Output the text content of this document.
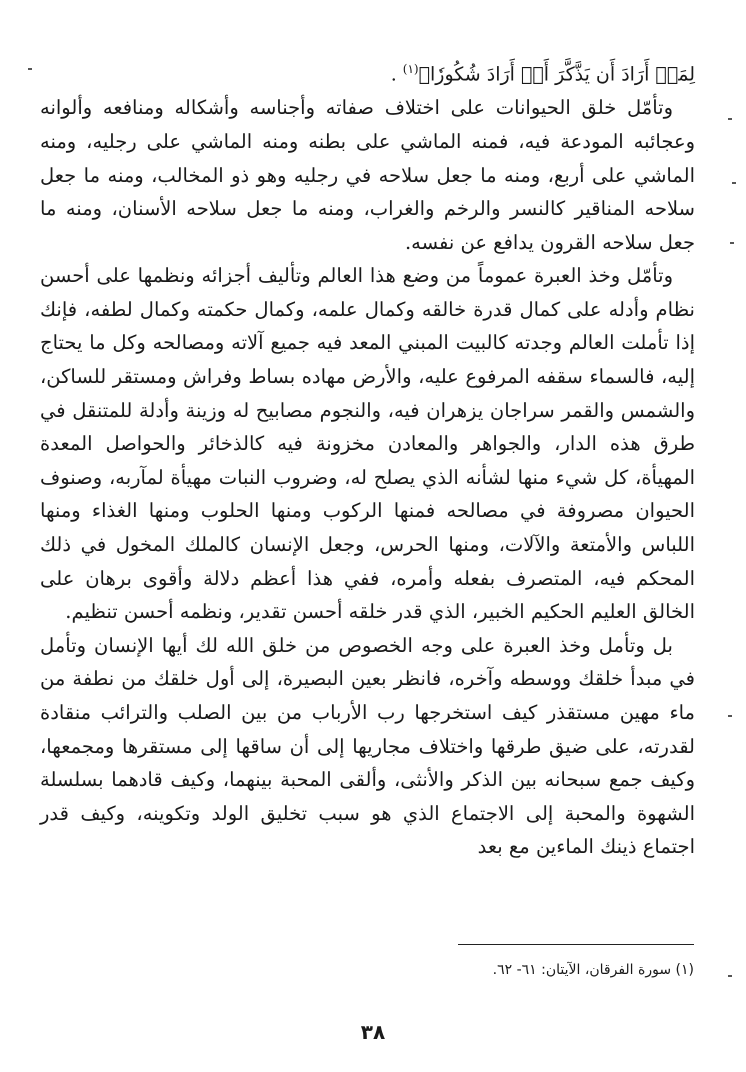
لِمَنۡ أَرَادَ أَن يَذَّكَّرَ أَوۡ أَرَادَ شُكُورٗا﴾$^{(١)}$ .

وتأمّل خلق الحيوانات على اختلاف صفاته وأجناسه وأشكاله ومنافعه وألوانه وعجائبه المودعة فيه، فمنه الماشي على بطنه ومنه الماشي على رجليه، ومنه الماشي على أربع، ومنه ما جعل سلاحه في رجليه وهو ذو المخالب، ومنه ما جعل سلاحه المناقير كالنسر والرخم والغراب، ومنه ما جعل سلاحه الأسنان، ومنه ما جعل سلاحه القرون يدافع عن نفسه.

وتأمّل وخذ العبرة عموماً من وضع هذا العالم وتأليف أجزائه ونظمها على أحسن نظام وأدله على كمال قدرة خالقه وكمال علمه، وكمال حكمته وكمال لطفه، فإنك إذا تأملت العالم وجدته كالبيت المبني المعد فيه جميع آلاته ومصالحه وكل ما يحتاج إليه، فالسماء سقفه المرفوع عليه، والأرض مهاده بساط وفراش ومستقر للساكن، والشمس والقمر سراجان يزهران فيه، والنجوم مصابيح له وزينة وأدلة للمتنقل في طرق هذه الدار، والجواهر والمعادن مخزونة فيه كالذخائر والحواصل المعدة المهيأة، كل شيء منها لشأنه الذي يصلح له، وضروب النبات مهيأة لمآربه، وصنوف الحيوان مصروفة في مصالحه فمنها الركوب ومنها الحلوب ومنها الغذاء ومنها اللباس والأمتعة والآلات، ومنها الحرس، وجعل الإنسان كالملك المخول في ذلك المحكم فيه، المتصرف بفعله وأمره، ففي هذا أعظم دلالة وأقوى برهان على الخالق العليم الحكيم الخبير، الذي قدر خلقه أحسن تقدير، ونظمه أحسن تنظيم.

بل وتأمل وخذ العبرة على وجه الخصوص من خلق الله لك أيها الإنسان وتأمل في مبدأ خلقك ووسطه وآخره، فانظر بعين البصيرة، إلى أول خلقك من نطفة من ماء مهين مستقذر كيف استخرجها رب الأرباب من بين الصلب والترائب منقادة لقدرته، على ضيق طرقها واختلاف مجاريها إلى أن ساقها إلى مستقرها ومجمعها، وكيف جمع سبحانه بين الذكر والأنثى، وألقى المحبة بينهما، وكيف قادهما بسلسلة الشهوة والمحبة إلى الاجتماع الذي هو سبب تخليق الولد وتكوينه، وكيف قدر اجتماع ذينك الماءين مع بعد

(١) سورة الفرقان، الآيتان: ٦١- ٦٢.
٣٨
